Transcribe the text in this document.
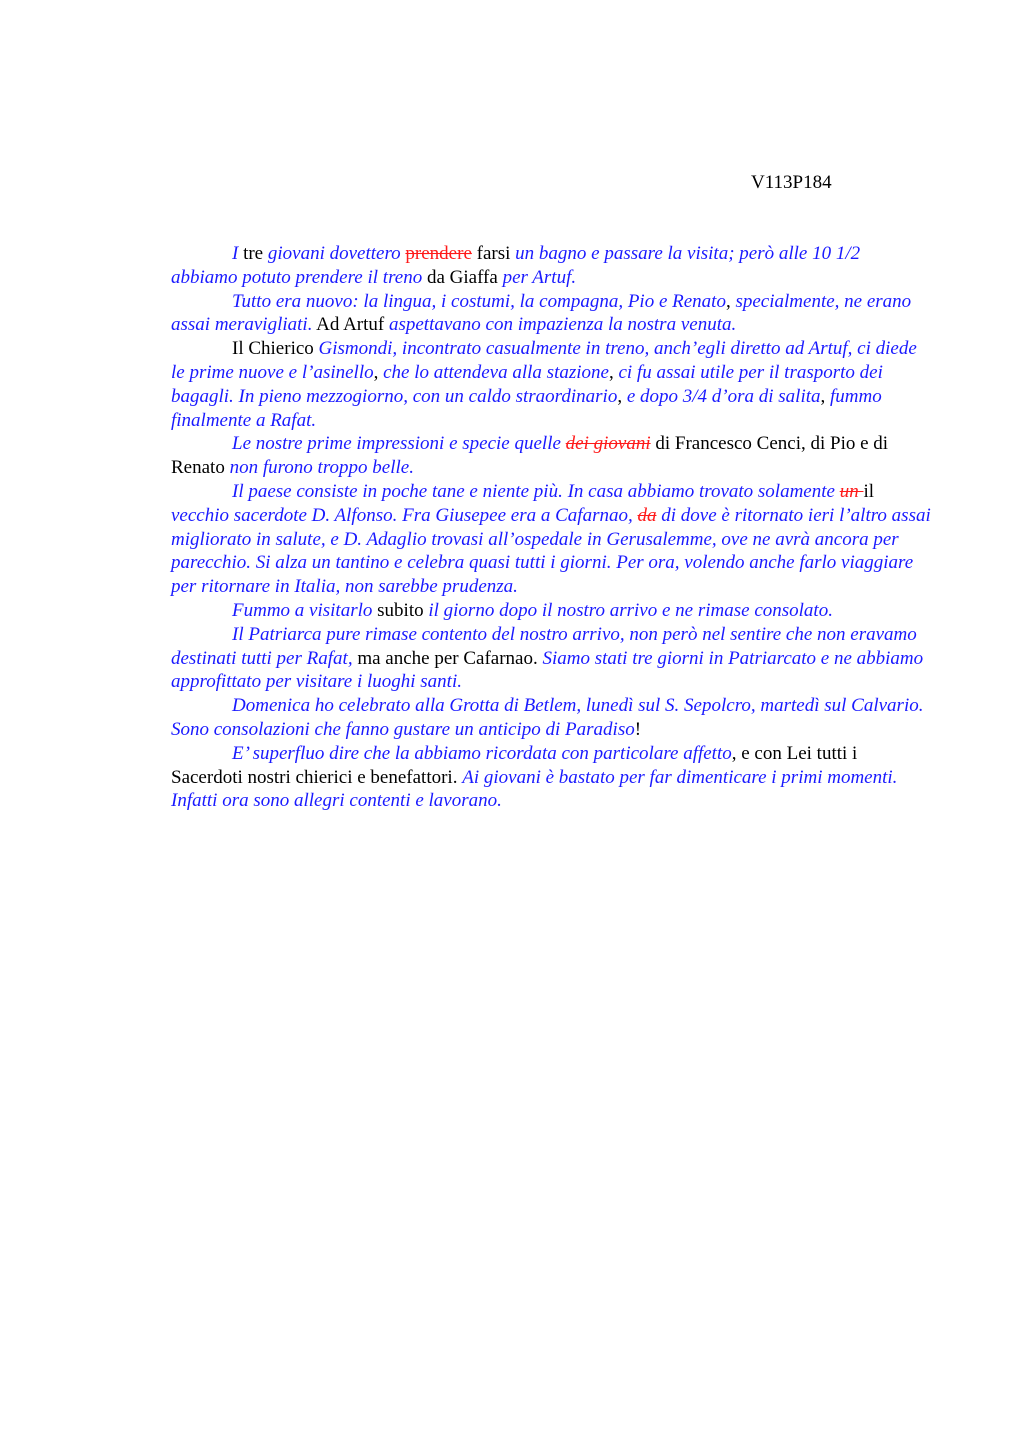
V113P184

I tre giovani dovettero prendere farsi un bagno e passare la visita; però alle 10 1/2 abbiamo potuto prendere il treno da Giaffa per Artuf.

Tutto era nuovo: la lingua, i costumi, la compagna, Pio e Renato, specialmente, ne erano assai meravigliati. Ad Artuf aspettavano con impazienza la nostra venuta.

Il Chierico Gismondi, incontrato casualmente in treno, anch’egli diretto ad Artuf, ci diede le prime nuove e l’asinello, che lo attendeva alla stazione, ci fu assai utile per il trasporto dei bagagli. In pieno mezzogiorno, con un caldo straordinario, e dopo 3/4 d’ora di salita, fummo finalmente a Rafat.

Le nostre prime impressioni e specie quelle dei giovani di Francesco Cenci, di Pio e di Renato non furono troppo belle.

Il paese consiste in poche tane e niente più. In casa abbiamo trovato solamente un il vecchio sacerdote D. Alfonso. Fra Giusepee era a Cafarnao, da di dove è ritornato ieri l’altro assai migliorato in salute, e D. Adaglio trovasi all’ospedale in Gerusalemme, ove ne avrà ancora per parecchio. Si alza un tantino e celebra quasi tutti i giorni. Per ora, volendo anche farlo viaggiare per ritornare in Italia, non sarebbe prudenza.

Fummo a visitarlo subito il giorno dopo il nostro arrivo e ne rimase consolato.

Il Patriarca pure rimase contento del nostro arrivo, non però nel sentire che non eravamo destinati tutti per Rafat, ma anche per Cafarnao. Siamo stati tre giorni in Patriarcato e ne abbiamo approfittato per visitare i luoghi santi.

Domenica ho celebrato alla Grotta di Betlem, lunedì sul S. Sepolcro, martedì sul Calvario. Sono consolazioni che fanno gustare un anticipo di Paradiso!

E’ superfluo dire che la abbiamo ricordata con particolare affetto, e con Lei tutti i Sacerdoti nostri chierici e benefattori. Ai giovani è bastato per far dimenticare i primi momenti. Infatti ora sono allegri contenti e lavorano.
